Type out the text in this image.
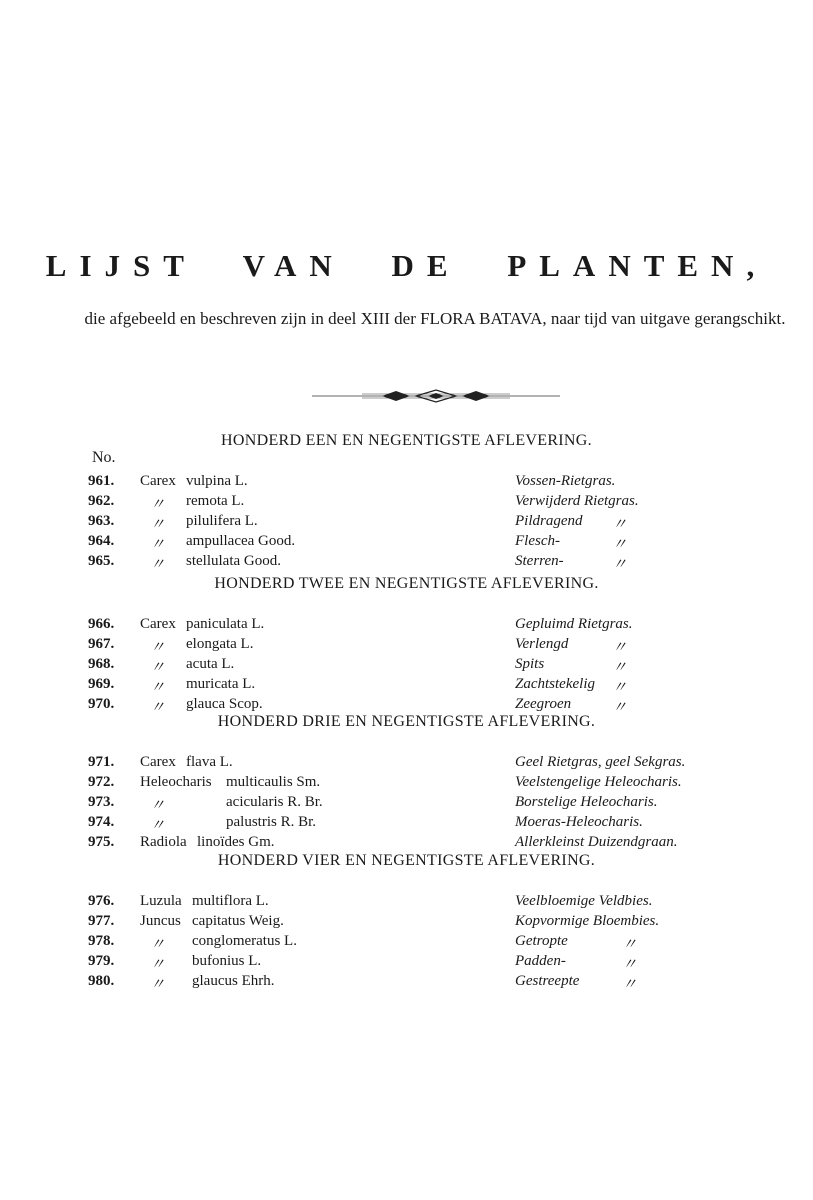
LIJST VAN DE PLANTEN,
die afgebeeld en beschreven zijn in deel XIII der FLORA BATAVA, naar tijd van uitgave gerangschikt.
No.
HONDERD EEN EN NEGENTIGSTE AFLEVERING.
961. Carex vulpina L.	Vossen-Rietgras.
962. 〃 remota L.	Verwijderd Rietgras.
963. 〃 pilulifera L.	Pildragend 〃
964. 〃 ampullacea Good.	Flesch-	〃
965. 〃 stellulata Good.	Sterren-	〃
HONDERD TWEE EN NEGENTIGSTE AFLEVERING.
966. Carex paniculata L.	Gepluimd Rietgras.
967. 〃 elongata L.	Verlengd	〃
968. 〃 acuta L.	Spits	〃
969. 〃 muricata L.	Zachtstekelig 〃
970. 〃 glauca Scop.	Zeegroen	〃
HONDERD DRIE EN NEGENTIGSTE AFLEVERING.
971. Carex flava L.	Geel Rietgras, geel Sekgras.
972. Heleocharis multicaulis Sm.	Veelstengelige Heleocharis.
973. 〃	acicularis R. Br.	Borstelige Heleocharis.
974. 〃	palustris R. Br.	Moeras-Heleocharis.
975. Radiola linoïdes Gm.	Allerkleinst Duizendgraan.
HONDERD VIER EN NEGENTIGSTE AFLEVERING.
976. Luzula multiflora L.	Veelbloemige Veldbies.
977. Juncus capitatus Weig.	Kopvormige Bloembies.
978. 〃 conglomeratus L.	Getropte	〃
979. 〃 bufonius L.	Padden-	〃
980. 〃 glaucus Ehrh.	Gestreepte	〃
